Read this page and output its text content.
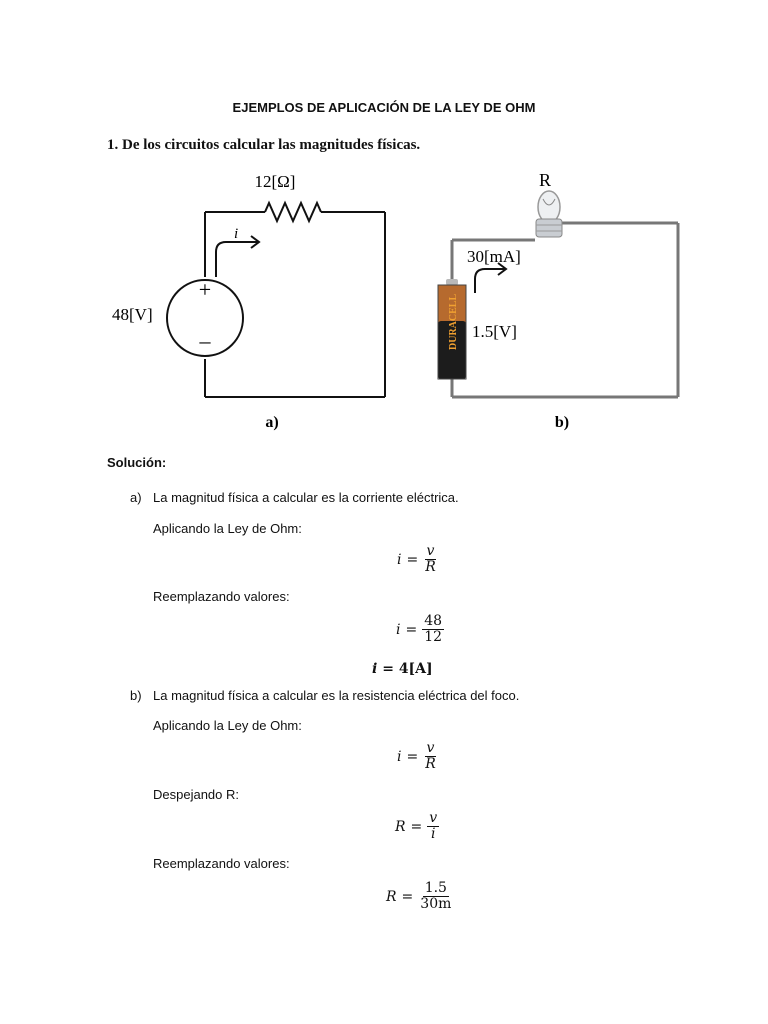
EJEMPLOS DE APLICACIÓN DE LA LEY DE OHM
1. De los circuitos calcular las magnitudes físicas.
12[Ω]
i
+
–
48[V]
a)
R
30[mA]
DURACELL 1.5[V]
b)
Solución:
a) La magnitud física a calcular es la corriente eléctrica.
Aplicando la Ley de Ohm:
$i = \frac{v}{R}$
Reemplazando valores:
$i = \frac{48}{12}$
i = 4[A]
b) La magnitud física a calcular es la resistencia eléctrica del foco.
Aplicando la Ley de Ohm:
$i = \frac{v}{R}$
Despejando R:
$R = \frac{v}{i}$
Reemplazando valores:
$R = \frac{1.5}{30m}$
